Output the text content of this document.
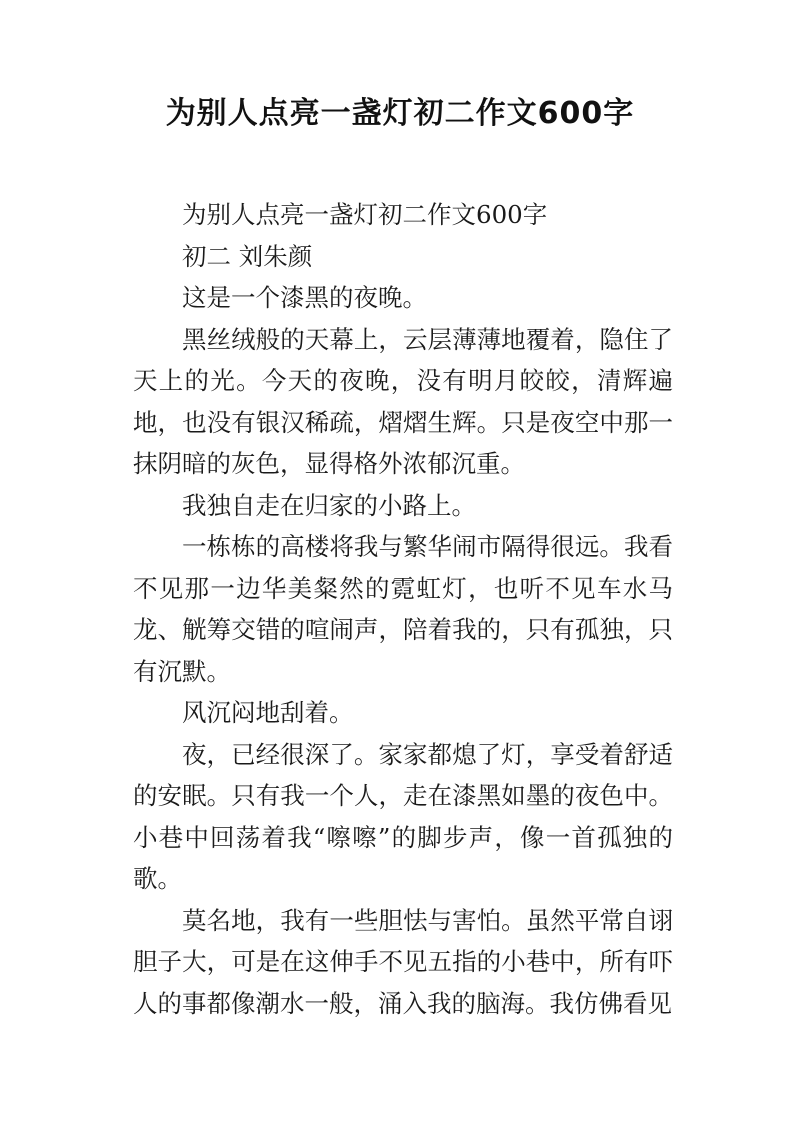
为别人点亮一盏灯初二作文600字

为别人点亮一盏灯初二作文600字

初二 刘朱颜

这是一个漆黑的夜晚。

黑丝绒般的天幕上，云层薄薄地覆着，隐住了天上的光。今天的夜晚，没有明月皎皎，清辉遍地，也没有银汉稀疏，熠熠生辉。只是夜空中那一抹阴暗的灰色，显得格外浓郁沉重。

我独自走在归家的小路上。

一栋栋的高楼将我与繁华闹市隔得很远。我看不见那一边华美粲然的霓虹灯，也听不见车水马龙、觥筹交错的喧闹声，陪着我的，只有孤独，只有沉默。

风沉闷地刮着。

夜，已经很深了。家家都熄了灯，享受着舒适的安眠。只有我一个人，走在漆黑如墨的夜色中。小巷中回荡着我“嚓嚓”的脚步声，像一首孤独的歌。

莫名地，我有一些胆怯与害怕。虽然平常自诩胆子大，可是在这伸手不见五指的小巷中，所有吓人的事都像潮水一般，涌入我的脑海。我仿佛看见
